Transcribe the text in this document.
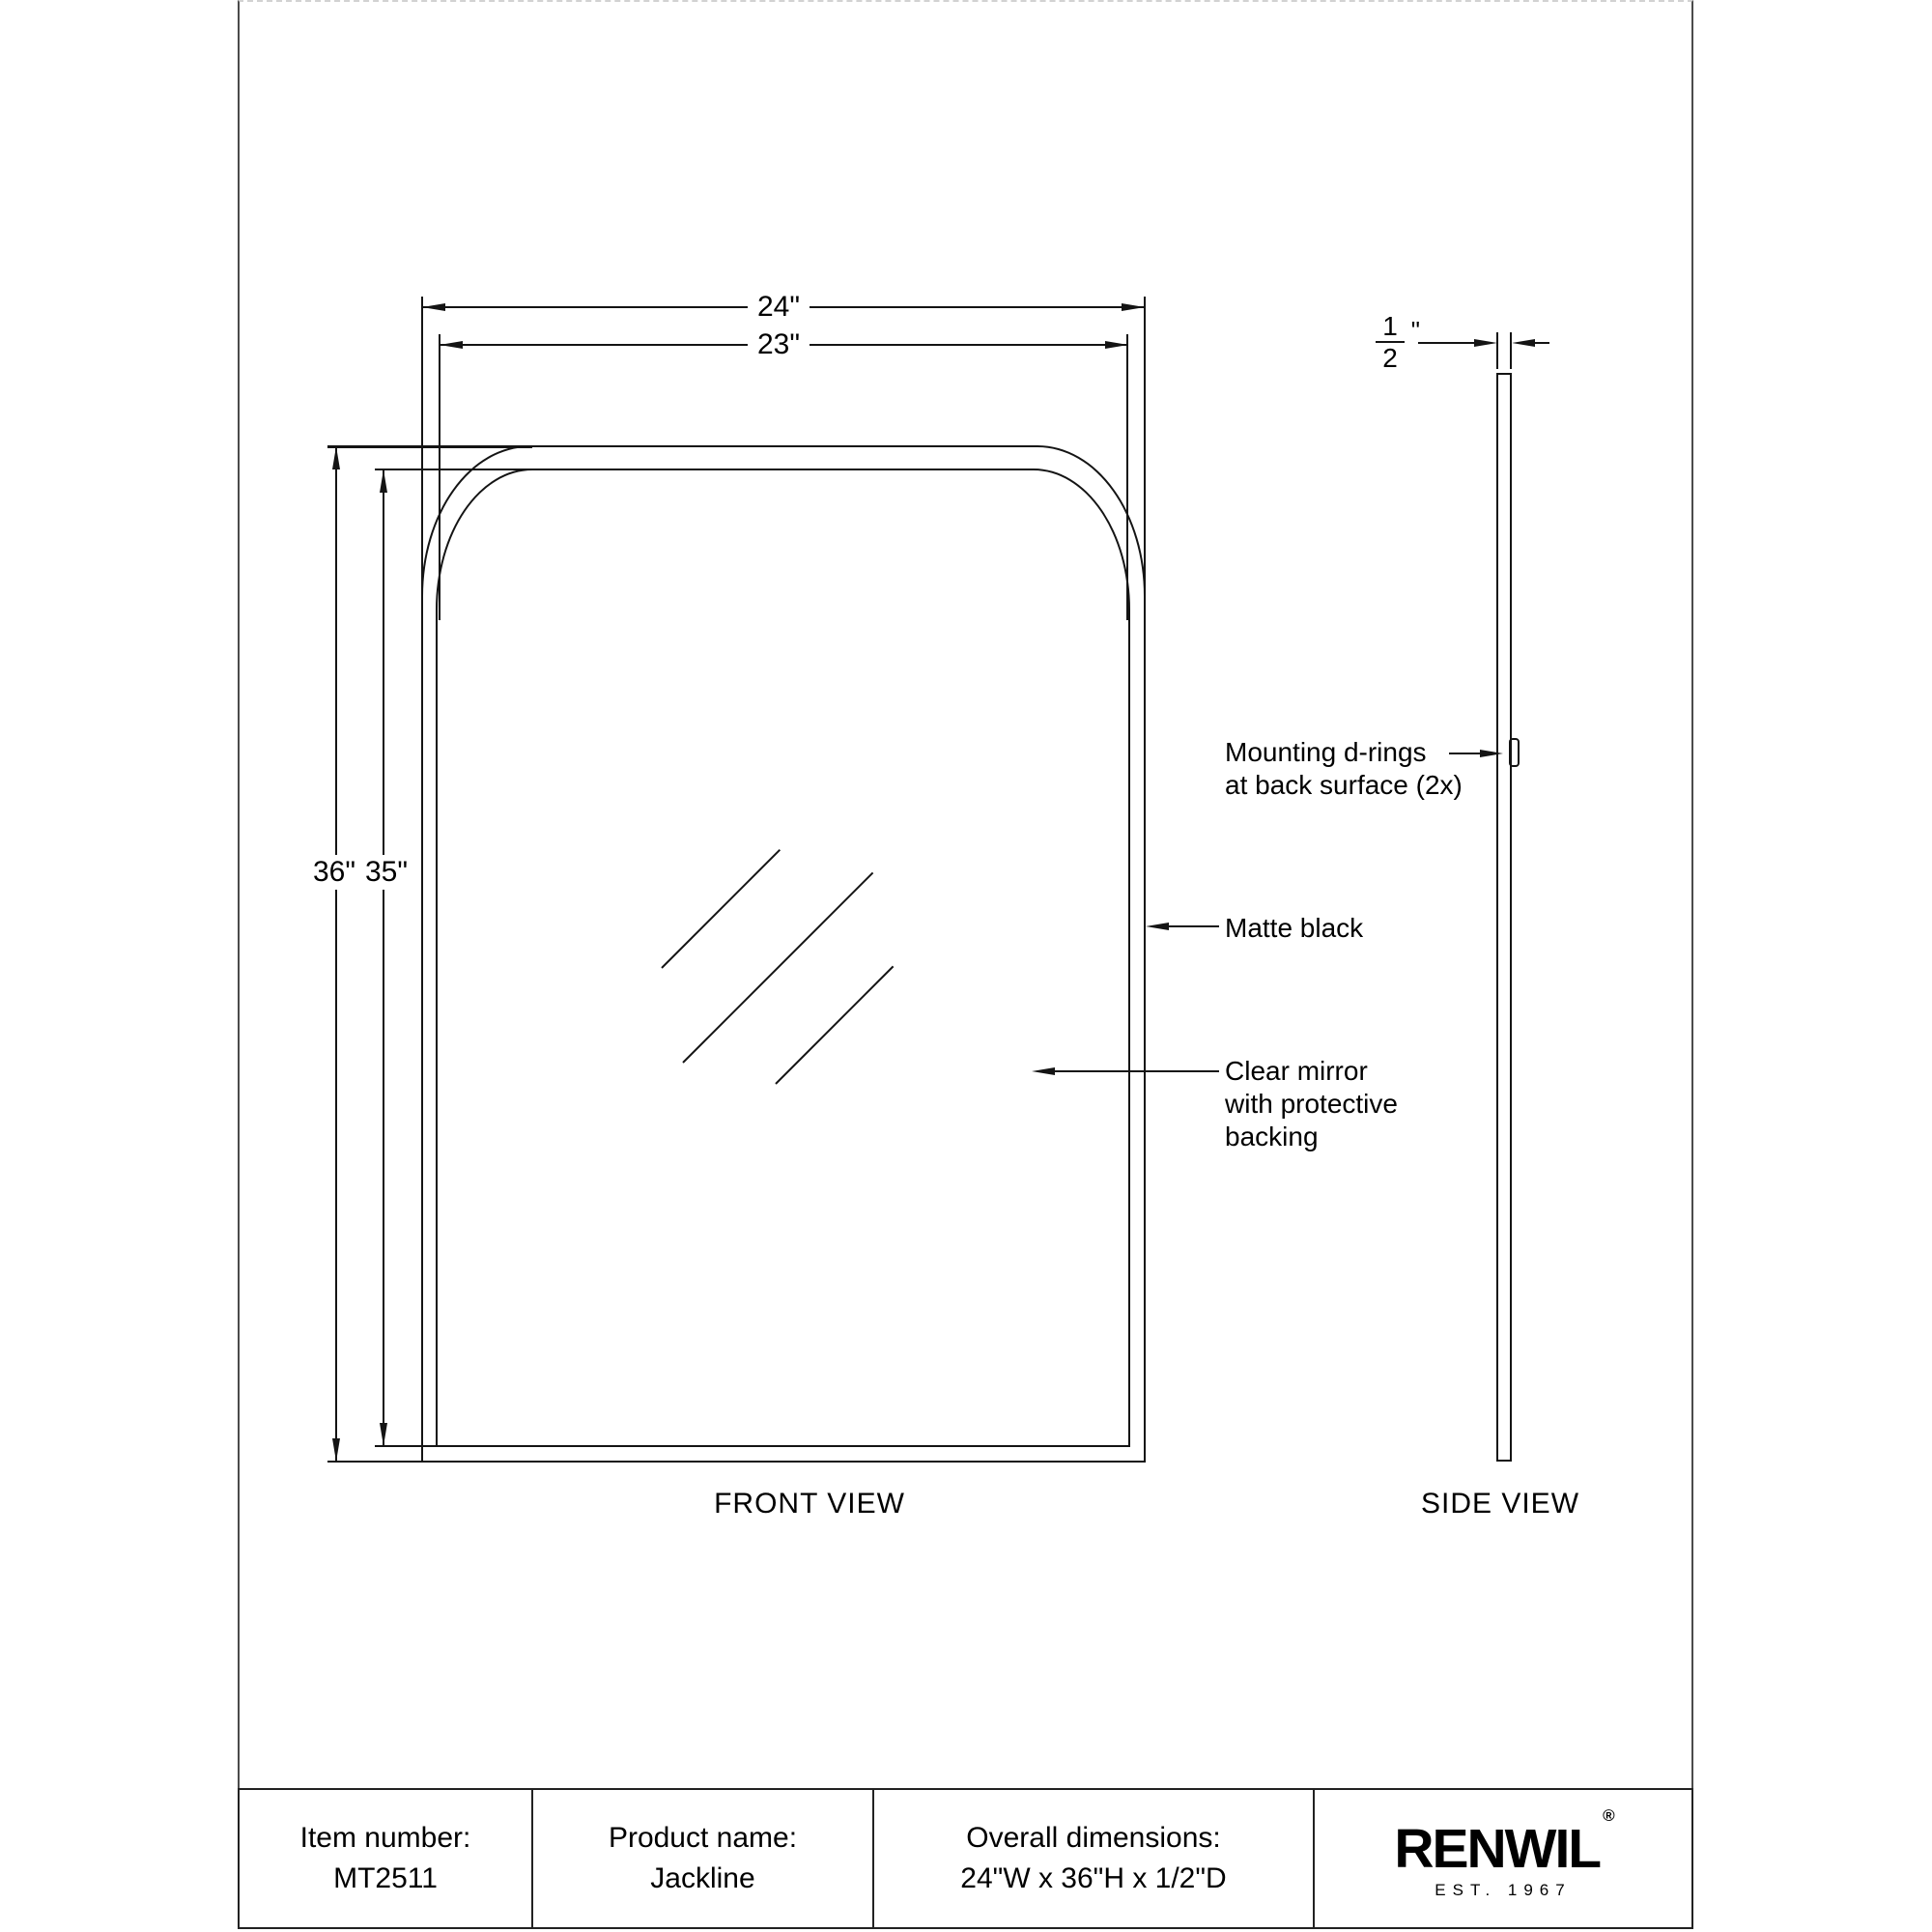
24"
23"
36" 35"
Mounting d-rings
at back surface (2x)
Matte black
Clear mirror
with protective
backing
FRONT VIEW
1
2
"
SIDE VIEW
Item number:
MT2511
Product name:
Jackline
Overall dimensions:
24"W x 36"H x 1/2"D	RENWIL®
EST. 1967
